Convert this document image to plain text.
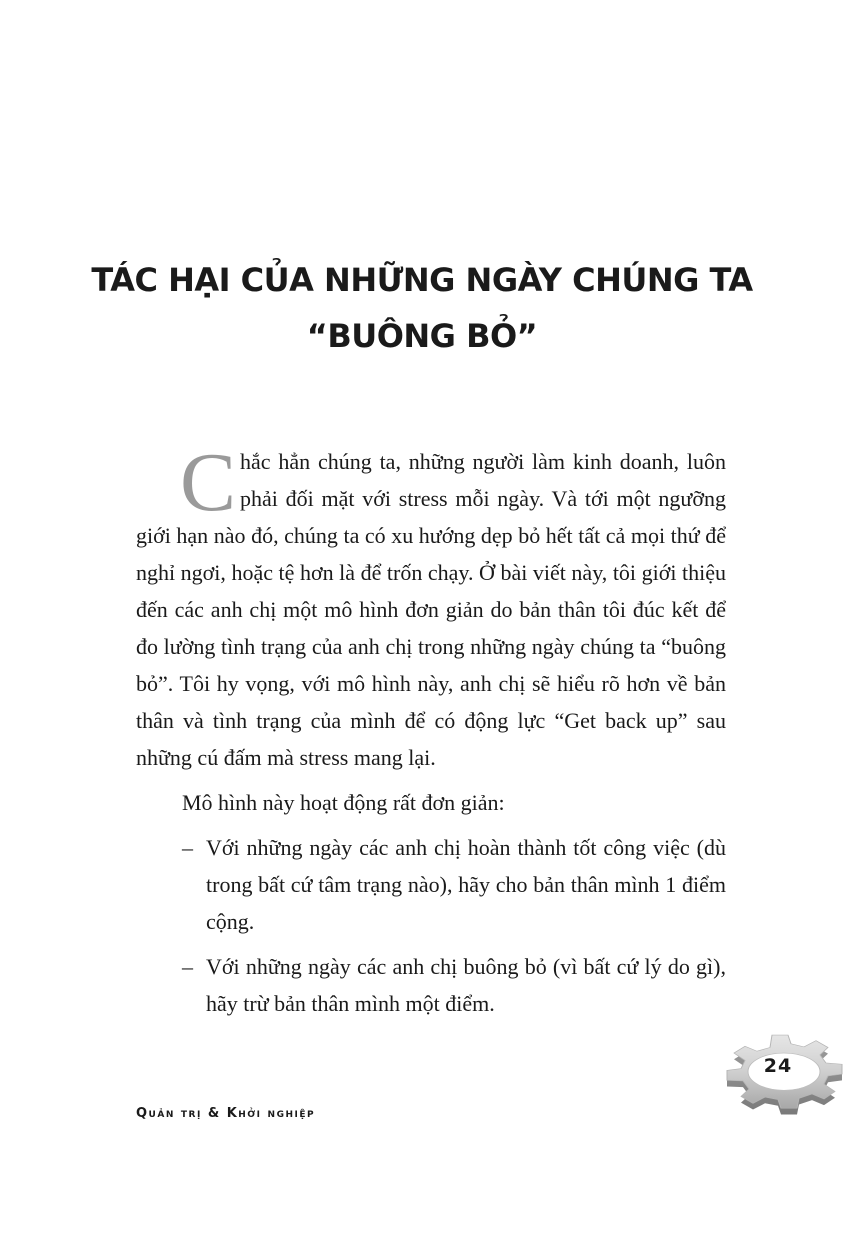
TÁC HẠI CỦA NHỮNG NGÀY CHÚNG TA
“BUÔNG BỎ”

Chắc hẳn chúng ta, những người làm kinh doanh, luôn phải đối mặt với stress mỗi ngày. Và tới một ngưỡng giới hạn nào đó, chúng ta có xu hướng dẹp bỏ hết tất cả mọi thứ để nghỉ ngơi, hoặc tệ hơn là để trốn chạy. Ở bài viết này, tôi giới thiệu đến các anh chị một mô hình đơn giản do bản thân tôi đúc kết để đo lường tình trạng của anh chị trong những ngày chúng ta “buông bỏ”. Tôi hy vọng, với mô hình này, anh chị sẽ hiểu rõ hơn về bản thân và tình trạng của mình để có động lực “Get back up” sau những cú đấm mà stress mang lại.

Mô hình này hoạt động rất đơn giản:

– Với những ngày các anh chị hoàn thành tốt công việc (dù trong bất cứ tâm trạng nào), hãy cho bản thân mình 1 điểm cộng.
– Với những ngày các anh chị buông bỏ (vì bất cứ lý do gì), hãy trừ bản thân mình một điểm.
24
Quản trị & Khởi nghiệp
